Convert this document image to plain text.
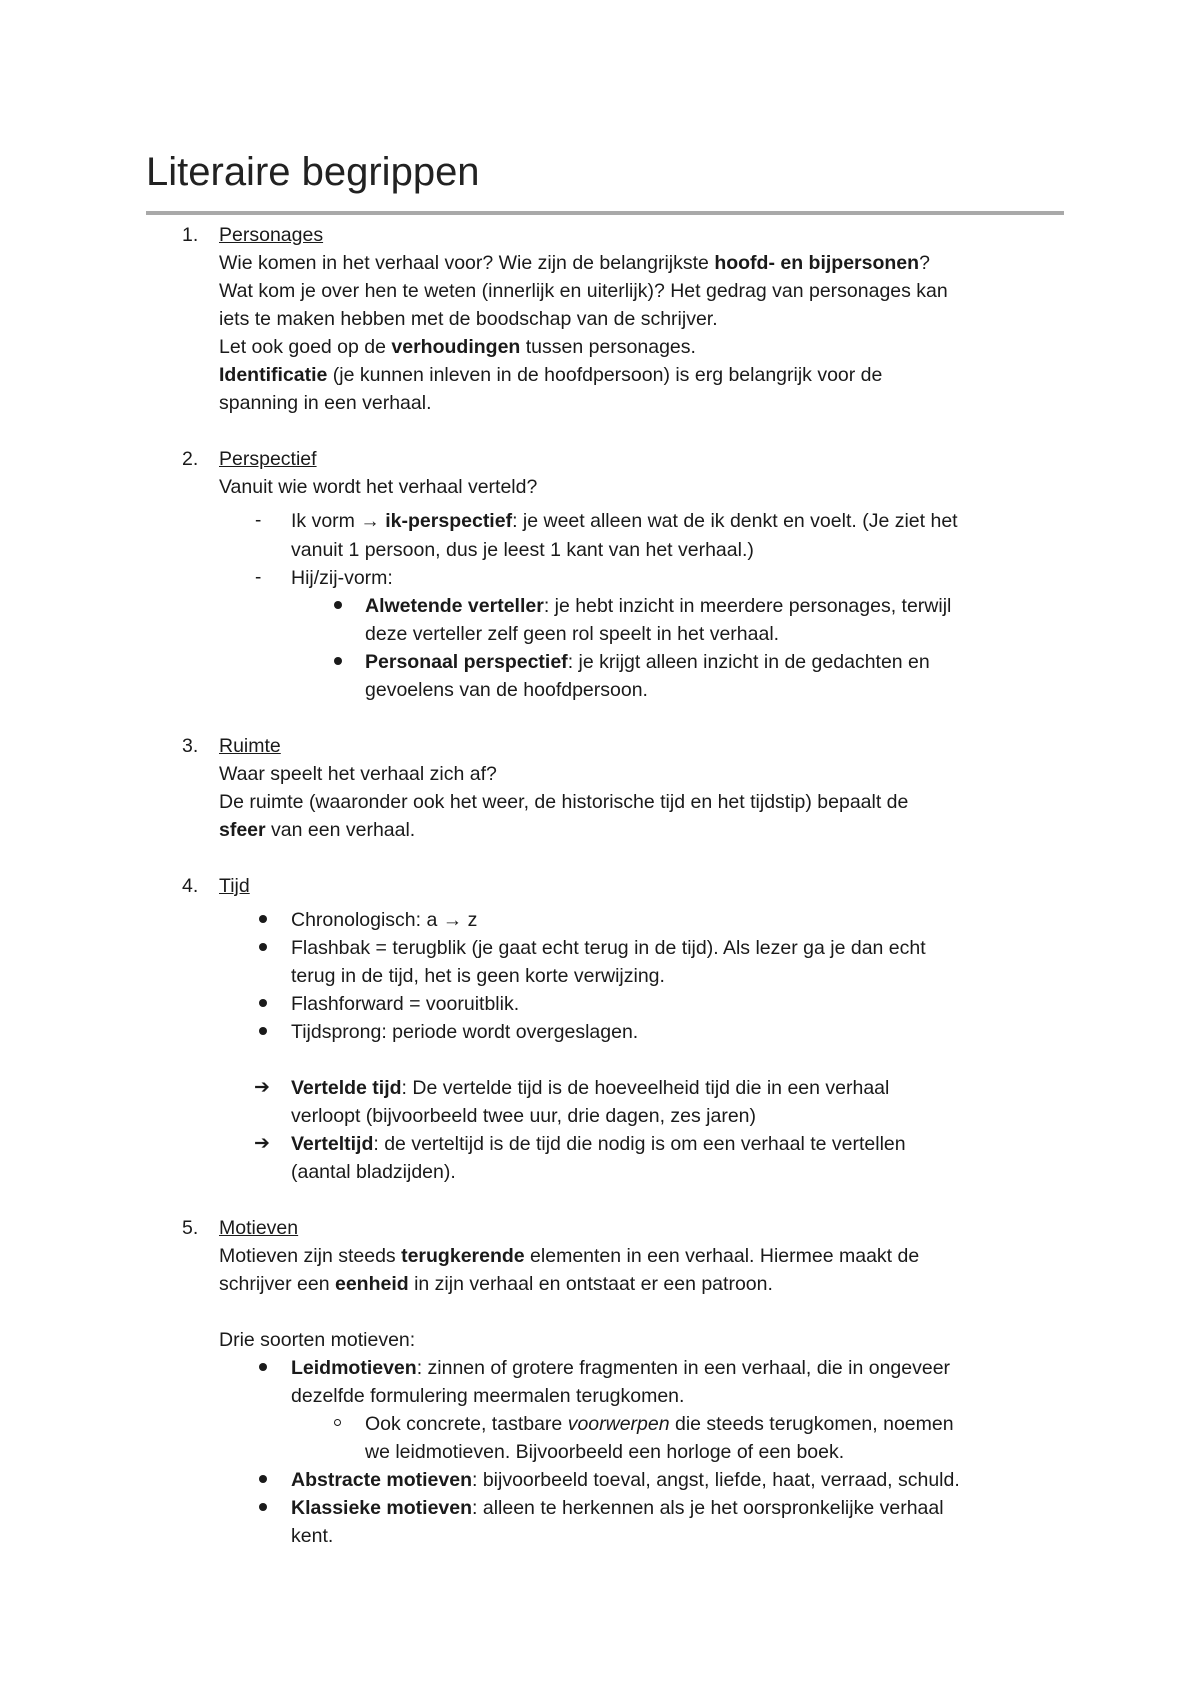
Literaire begrippen
1. Personages
Wie komen in het verhaal voor? Wie zijn de belangrijkste hoofd- en bijpersonen?
Wat kom je over hen te weten (innerlijk en uiterlijk)? Het gedrag van personages kan
iets te maken hebben met de boodschap van de schrijver.
Let ook goed op de verhoudingen tussen personages.
Identificatie (je kunnen inleven in de hoofdpersoon) is erg belangrijk voor de
spanning in een verhaal.
2. Perspectief
Vanuit wie wordt het verhaal verteld?
- Ik vorm → ik-perspectief: je weet alleen wat de ik denkt en voelt. (Je ziet het
vanuit 1 persoon, dus je leest 1 kant van het verhaal.)
- Hij/zij-vorm:
Alwetende verteller: je hebt inzicht in meerdere personages, terwijl
deze verteller zelf geen rol speelt in het verhaal.
Personaal perspectief: je krijgt alleen inzicht in de gedachten en
gevoelens van de hoofdpersoon.
3. Ruimte
Waar speelt het verhaal zich af?
De ruimte (waaronder ook het weer, de historische tijd en het tijdstip) bepaalt de
sfeer van een verhaal.
4. Tijd
Chronologisch: a → z
Flashbak = terugblik (je gaat echt terug in de tijd). Als lezer ga je dan echt
terug in de tijd, het is geen korte verwijzing.
Flashforward = vooruitblik.
Tijdsprong: periode wordt overgeslagen.
➔ Vertelde tijd: De vertelde tijd is de hoeveelheid tijd die in een verhaal
verloopt (bijvoorbeeld twee uur, drie dagen, zes jaren)
➔ Verteltijd: de verteltijd is de tijd die nodig is om een verhaal te vertellen
(aantal bladzijden).
5. Motieven
Motieven zijn steeds terugkerende elementen in een verhaal. Hiermee maakt de
schrijver een eenheid in zijn verhaal en ontstaat er een patroon.
Drie soorten motieven:
Leidmotieven: zinnen of grotere fragmenten in een verhaal, die in ongeveer
dezelfde formulering meermalen terugkomen.
Ook concrete, tastbare voorwerpen die steeds terugkomen, noemen
we leidmotieven. Bijvoorbeeld een horloge of een boek.
Abstracte motieven: bijvoorbeeld toeval, angst, liefde, haat, verraad, schuld.
Klassieke motieven: alleen te herkennen als je het oorspronkelijke verhaal
kent.
